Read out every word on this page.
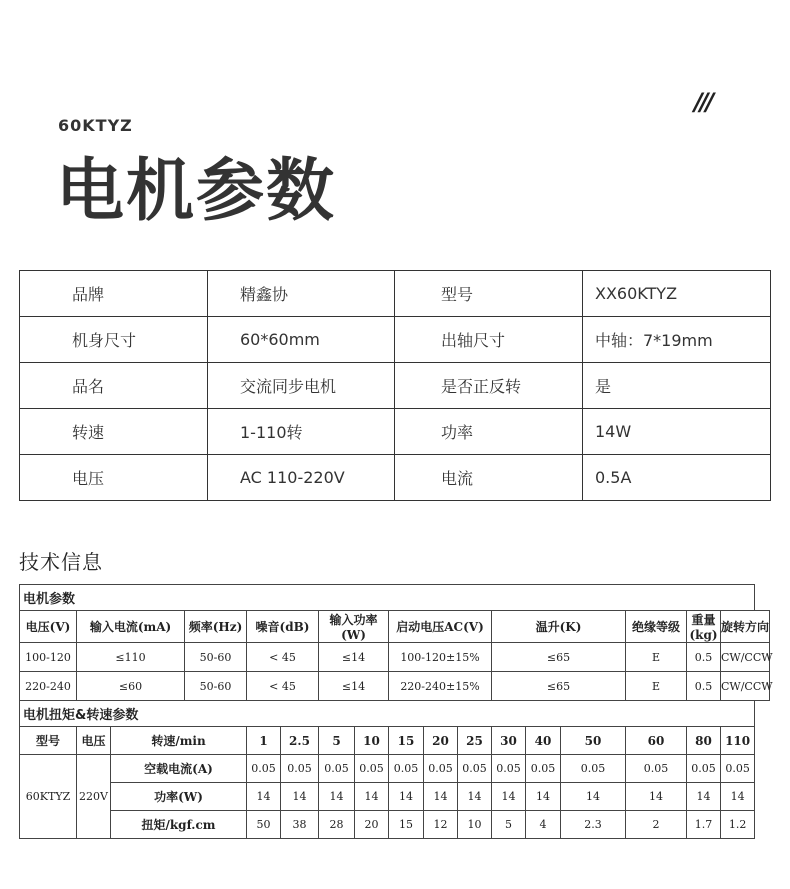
///
60KTYZ
电机参数
品牌	精鑫协	型号	XX60KTYZ
机身尺寸	60*60mm	出轴尺寸	中轴：7*19mm
品名	交流同步电机	是否正反转	是
转速	1-110转	功率	14W
电压	AC 110-220V	电流	0.5A
技术信息
电机参数																
电压(V)	输入电流(mA)		频率(Hz)	噪音(dB)		输入功率(W)		启动电压AC(V)			温升(K)			绝缘等级	重量(kg)	旋转方向
100-120	≤110		50-60	< 45		≤14		100-120±15%			≤65			E	0.5	CW/CCW
220-240	≤60		50-60	< 45		≤14		220-240±15%			≤65			E	0.5	CW/CCW
电机扭矩&转速参数																
型号	电压	转速/min		1	2.5	5	10	15	20	25	30	40	50	60	80	110
60KTYZ	220V	空载电流(A)		0.05	0.05	0.05	0.05	0.05	0.05	0.05	0.05	0.05	0.05	0.05	0.05	0.05
		功率(W)		14	14	14	14	14	14	14	14	14	14	14	14	14
		扭矩/kgf.cm		50	38	28	20	15	12	10	5	4	2.3	2	1.7	1.2
